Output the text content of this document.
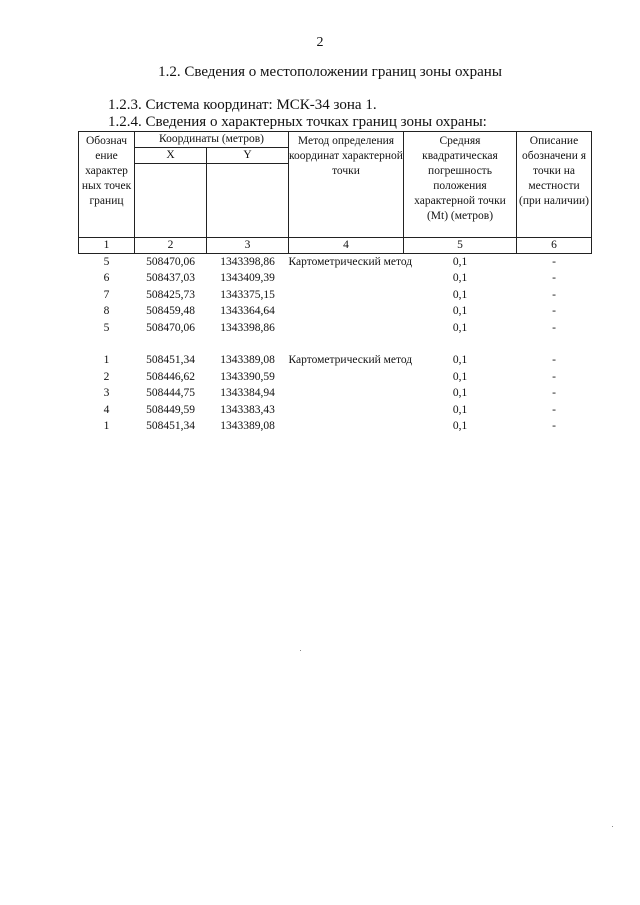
2
1.2. Сведения о местоположении границ зоны охраны
1.2.3. Система координат: МСК-34 зона 1.
1.2.4. Сведения о характерных точках границ зоны охраны:
Обознач ение характер ных точек границ	Координаты (метров)		Метод определения координат характерной точки	Средняя квадратическая погрешность положения характерной точки (Mt) (метров)	Описание обозначени я точки на местности (при наличии)
	X	Y			

1	2	3	4	5	6
5	508470,06	1343398,86	Картометрический метод	0,1	-
6	508437,03	1343409,39		0,1	-
7	508425,73	1343375,15		0,1	-
8	508459,48	1343364,64		0,1	-
5	508470,06	1343398,86		0,1	-

1	508451,34	1343389,08	Картометрический метод	0,1	-
2	508446,62	1343390,59		0,1	-
3	508444,75	1343384,94		0,1	-
4	508449,59	1343383,43		0,1	-
1	508451,34	1343389,08		0,1	-
